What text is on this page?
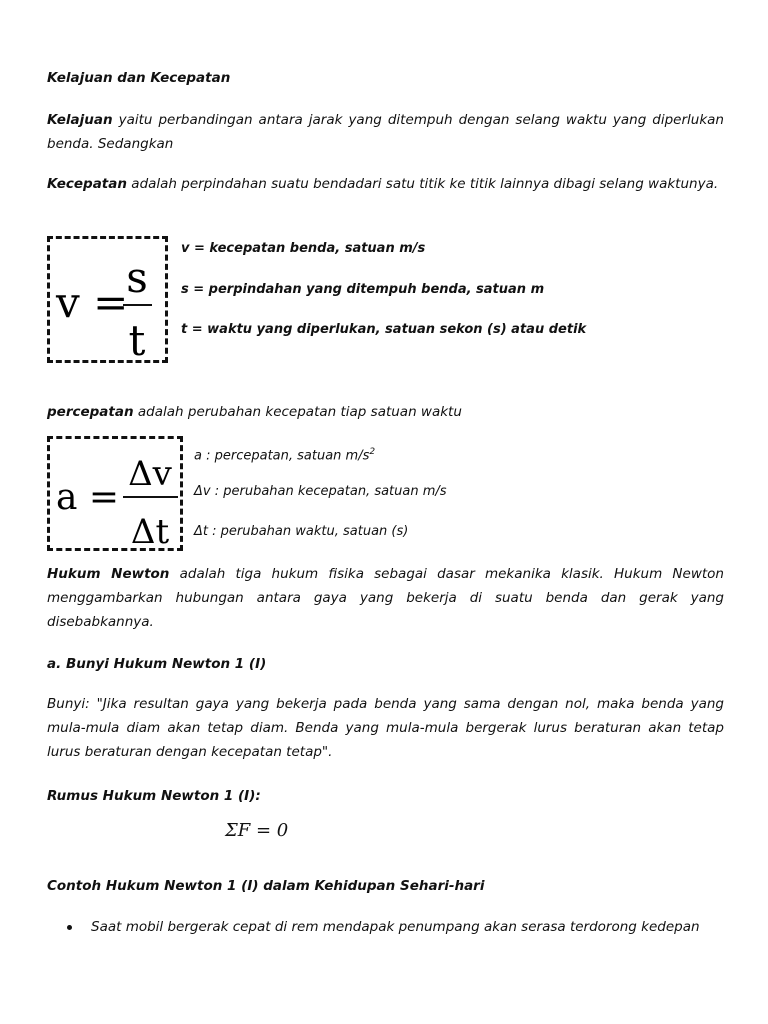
Kelajuan dan Kecepatan

Kelajuan yaitu perbandingan antara jarak yang ditempuh dengan selang waktu yang diperlukan benda. Sedangkan

Kecepatan adalah perpindahan suatu bendadari satu titik ke titik lainnya dibagi selang waktunya.

v =
s
t

v = kecepatan benda, satuan m/s

s = perpindahan yang ditempuh benda, satuan m

t = waktu yang diperlukan, satuan sekon (s) atau detik

percepatan adalah perubahan kecepatan tiap satuan waktu

a =
Δv
Δt

a : percepatan, satuan $m/s^2$

Δv : perubahan kecepatan, satuan m/s

Δt : perubahan waktu, satuan (s)

Hukum Newton adalah tiga hukum fisika sebagai dasar mekanika klasik. Hukum Newton menggambarkan hubungan antara gaya yang bekerja di suatu benda dan gerak yang disebabkannya.

a. Bunyi Hukum Newton 1 (I)

Bunyi: "Jika resultan gaya yang bekerja pada benda yang sama dengan nol, maka benda yang mula-mula diam akan tetap diam. Benda yang mula-mula bergerak lurus beraturan akan tetap lurus beraturan dengan kecepatan tetap".

Rumus Hukum Newton 1 (I):

ΣF = 0

Contoh Hukum Newton 1 (I) dalam Kehidupan Sehari-hari

Saat mobil bergerak cepat di rem mendapak penumpang akan serasa terdorong kedepan
